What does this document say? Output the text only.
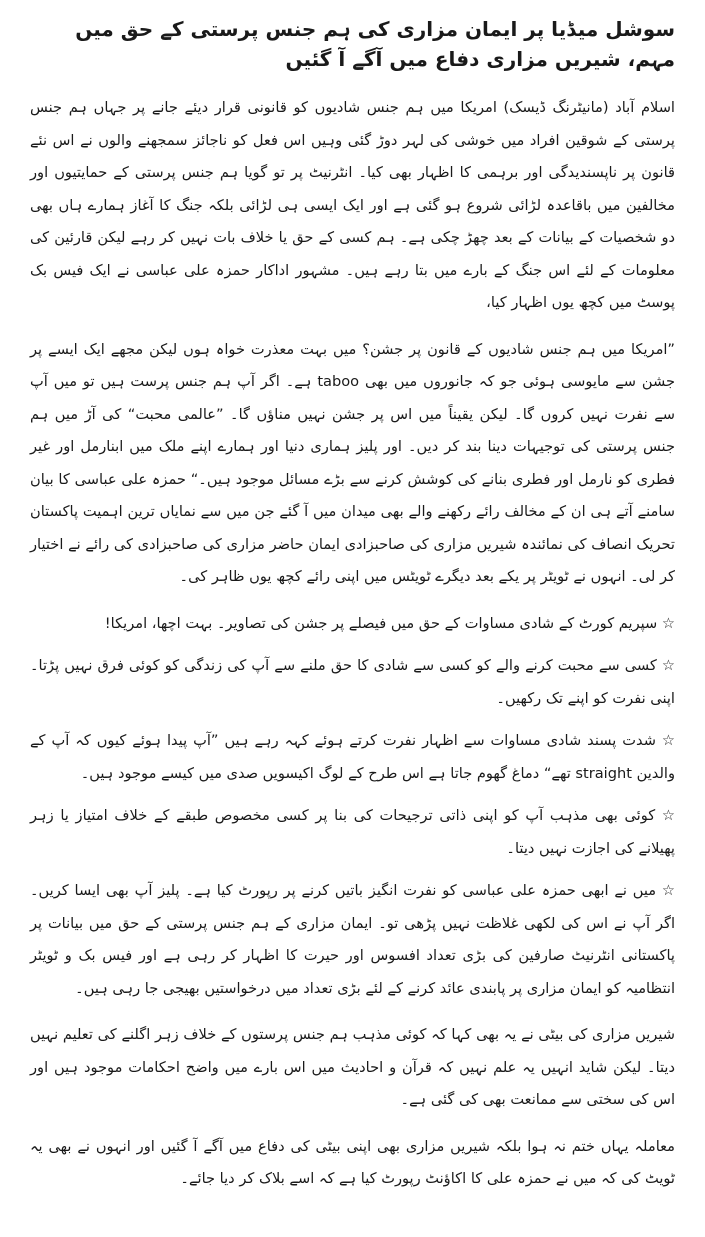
سوشل میڈیا پر ایمان مزاری کی ہم جنس پرستی کے حق میں مہم، شیریں مزاری دفاع میں آگے آ گئیں

اسلام آباد (مانیٹرنگ ڈیسک) امریکا میں ہم جنس شادیوں کو قانونی قرار دیئے جانے پر جہاں ہم جنس پرستی کے شوقین افراد میں خوشی کی لہر دوڑ گئی وہیں اس فعل کو ناجائز سمجھنے والوں نے اس نئے قانون پر ناپسندیدگی اور برہمی کا اظہار بھی کیا۔ انٹرنیٹ پر تو گویا ہم جنس پرستی کے حمایتیوں اور مخالفین میں باقاعدہ لڑائی شروع ہو گئی ہے اور ایک ایسی ہی لڑائی بلکہ جنگ کا آغاز ہمارے ہاں بھی دو شخصیات کے بیانات کے بعد چھڑ چکی ہے۔ ہم کسی کے حق یا خلاف بات نہیں کر رہے لیکن قارئین کی معلومات کے لئے اس جنگ کے بارے میں بتا رہے ہیں۔ مشہور اداکار حمزہ علی عباسی نے ایک فیس بک پوسٹ میں کچھ یوں اظہار کیا،

”امریکا میں ہم جنس شادیوں کے قانون پر جشن؟ میں بہت معذرت خواہ ہوں لیکن مجھے ایک ایسے پر جشن سے مایوسی ہوئی جو کہ جانوروں میں بھی taboo ہے۔ اگر آپ ہم جنس پرست ہیں تو میں آپ سے نفرت نہیں کروں گا۔ لیکن یقیناً میں اس پر جشن نہیں مناؤں گا۔ ”عالمی محبت“ کی آڑ میں ہم جنس پرستی کی توجیہات دینا بند کر دیں۔ اور پلیز ہماری دنیا اور ہمارے اپنے ملک میں ابنارمل اور غیر فطری کو نارمل اور فطری بنانے کی کوشش کرنے سے بڑے مسائل موجود ہیں۔“ حمزہ علی عباسی کا بیان سامنے آتے ہی ان کے مخالف رائے رکھنے والے بھی میدان میں آ گئے جن میں سے نمایاں ترین اہمیت پاکستان تحریک انصاف کی نمائندہ شیریں مزاری کی صاحبزادی ایمان حاضر مزاری کی صاحبزادی کی رائے نے اختیار کر لی۔ انہوں نے ٹویٹر پر یکے بعد دیگرے ٹویٹس میں اپنی رائے کچھ یوں ظاہر کی۔

☆ سپریم کورٹ کے شادی مساوات کے حق میں فیصلے پر جشن کی تصاویر۔ بہت اچھا، امریکا!

☆ کسی سے محبت کرنے والے کو کسی سے شادی کا حق ملنے سے آپ کی زندگی کو کوئی فرق نہیں پڑتا۔ اپنی نفرت کو اپنے تک رکھیں۔

☆ شدت پسند شادی مساوات سے اظہار نفرت کرتے ہوئے کہہ رہے ہیں ”آپ پیدا ہوئے کیوں کہ آپ کے والدین straight تھے“ دماغ گھوم جاتا ہے اس طرح کے لوگ اکیسویں صدی میں کیسے موجود ہیں۔

☆ کوئی بھی مذہب آپ کو اپنی ذاتی ترجیحات کی بنا پر کسی مخصوص طبقے کے خلاف امتیاز یا زہر پھیلانے کی اجازت نہیں دیتا۔

☆ میں نے ابھی حمزہ علی عباسی کو نفرت انگیز باتیں کرنے پر رپورٹ کیا ہے۔ پلیز آپ بھی ایسا کریں۔ اگر آپ نے اس کی لکھی غلاظت نہیں پڑھی تو۔ ایمان مزاری کے ہم جنس پرستی کے حق میں بیانات پر پاکستانی انٹرنیٹ صارفین کی بڑی تعداد افسوس اور حیرت کا اظہار کر رہی ہے اور فیس بک و ٹویٹر انتظامیہ کو ایمان مزاری پر پابندی عائد کرنے کے لئے بڑی تعداد میں درخواستیں بھیجی جا رہی ہیں۔

شیریں مزاری کی بیٹی نے یہ بھی کہا کہ کوئی مذہب ہم جنس پرستوں کے خلاف زہر اگلنے کی تعلیم نہیں دیتا۔ لیکن شاید انہیں یہ علم نہیں کہ قرآن و احادیث میں اس بارے میں واضح احکامات موجود ہیں اور اس کی سختی سے ممانعت بھی کی گئی ہے۔

معاملہ یہاں ختم نہ ہوا بلکہ شیریں مزاری بھی اپنی بیٹی کی دفاع میں آگے آ گئیں اور انہوں نے بھی یہ ٹویٹ کی کہ میں نے حمزہ علی کا اکاؤنٹ رپورٹ کیا ہے کہ اسے بلاک کر دیا جائے۔
